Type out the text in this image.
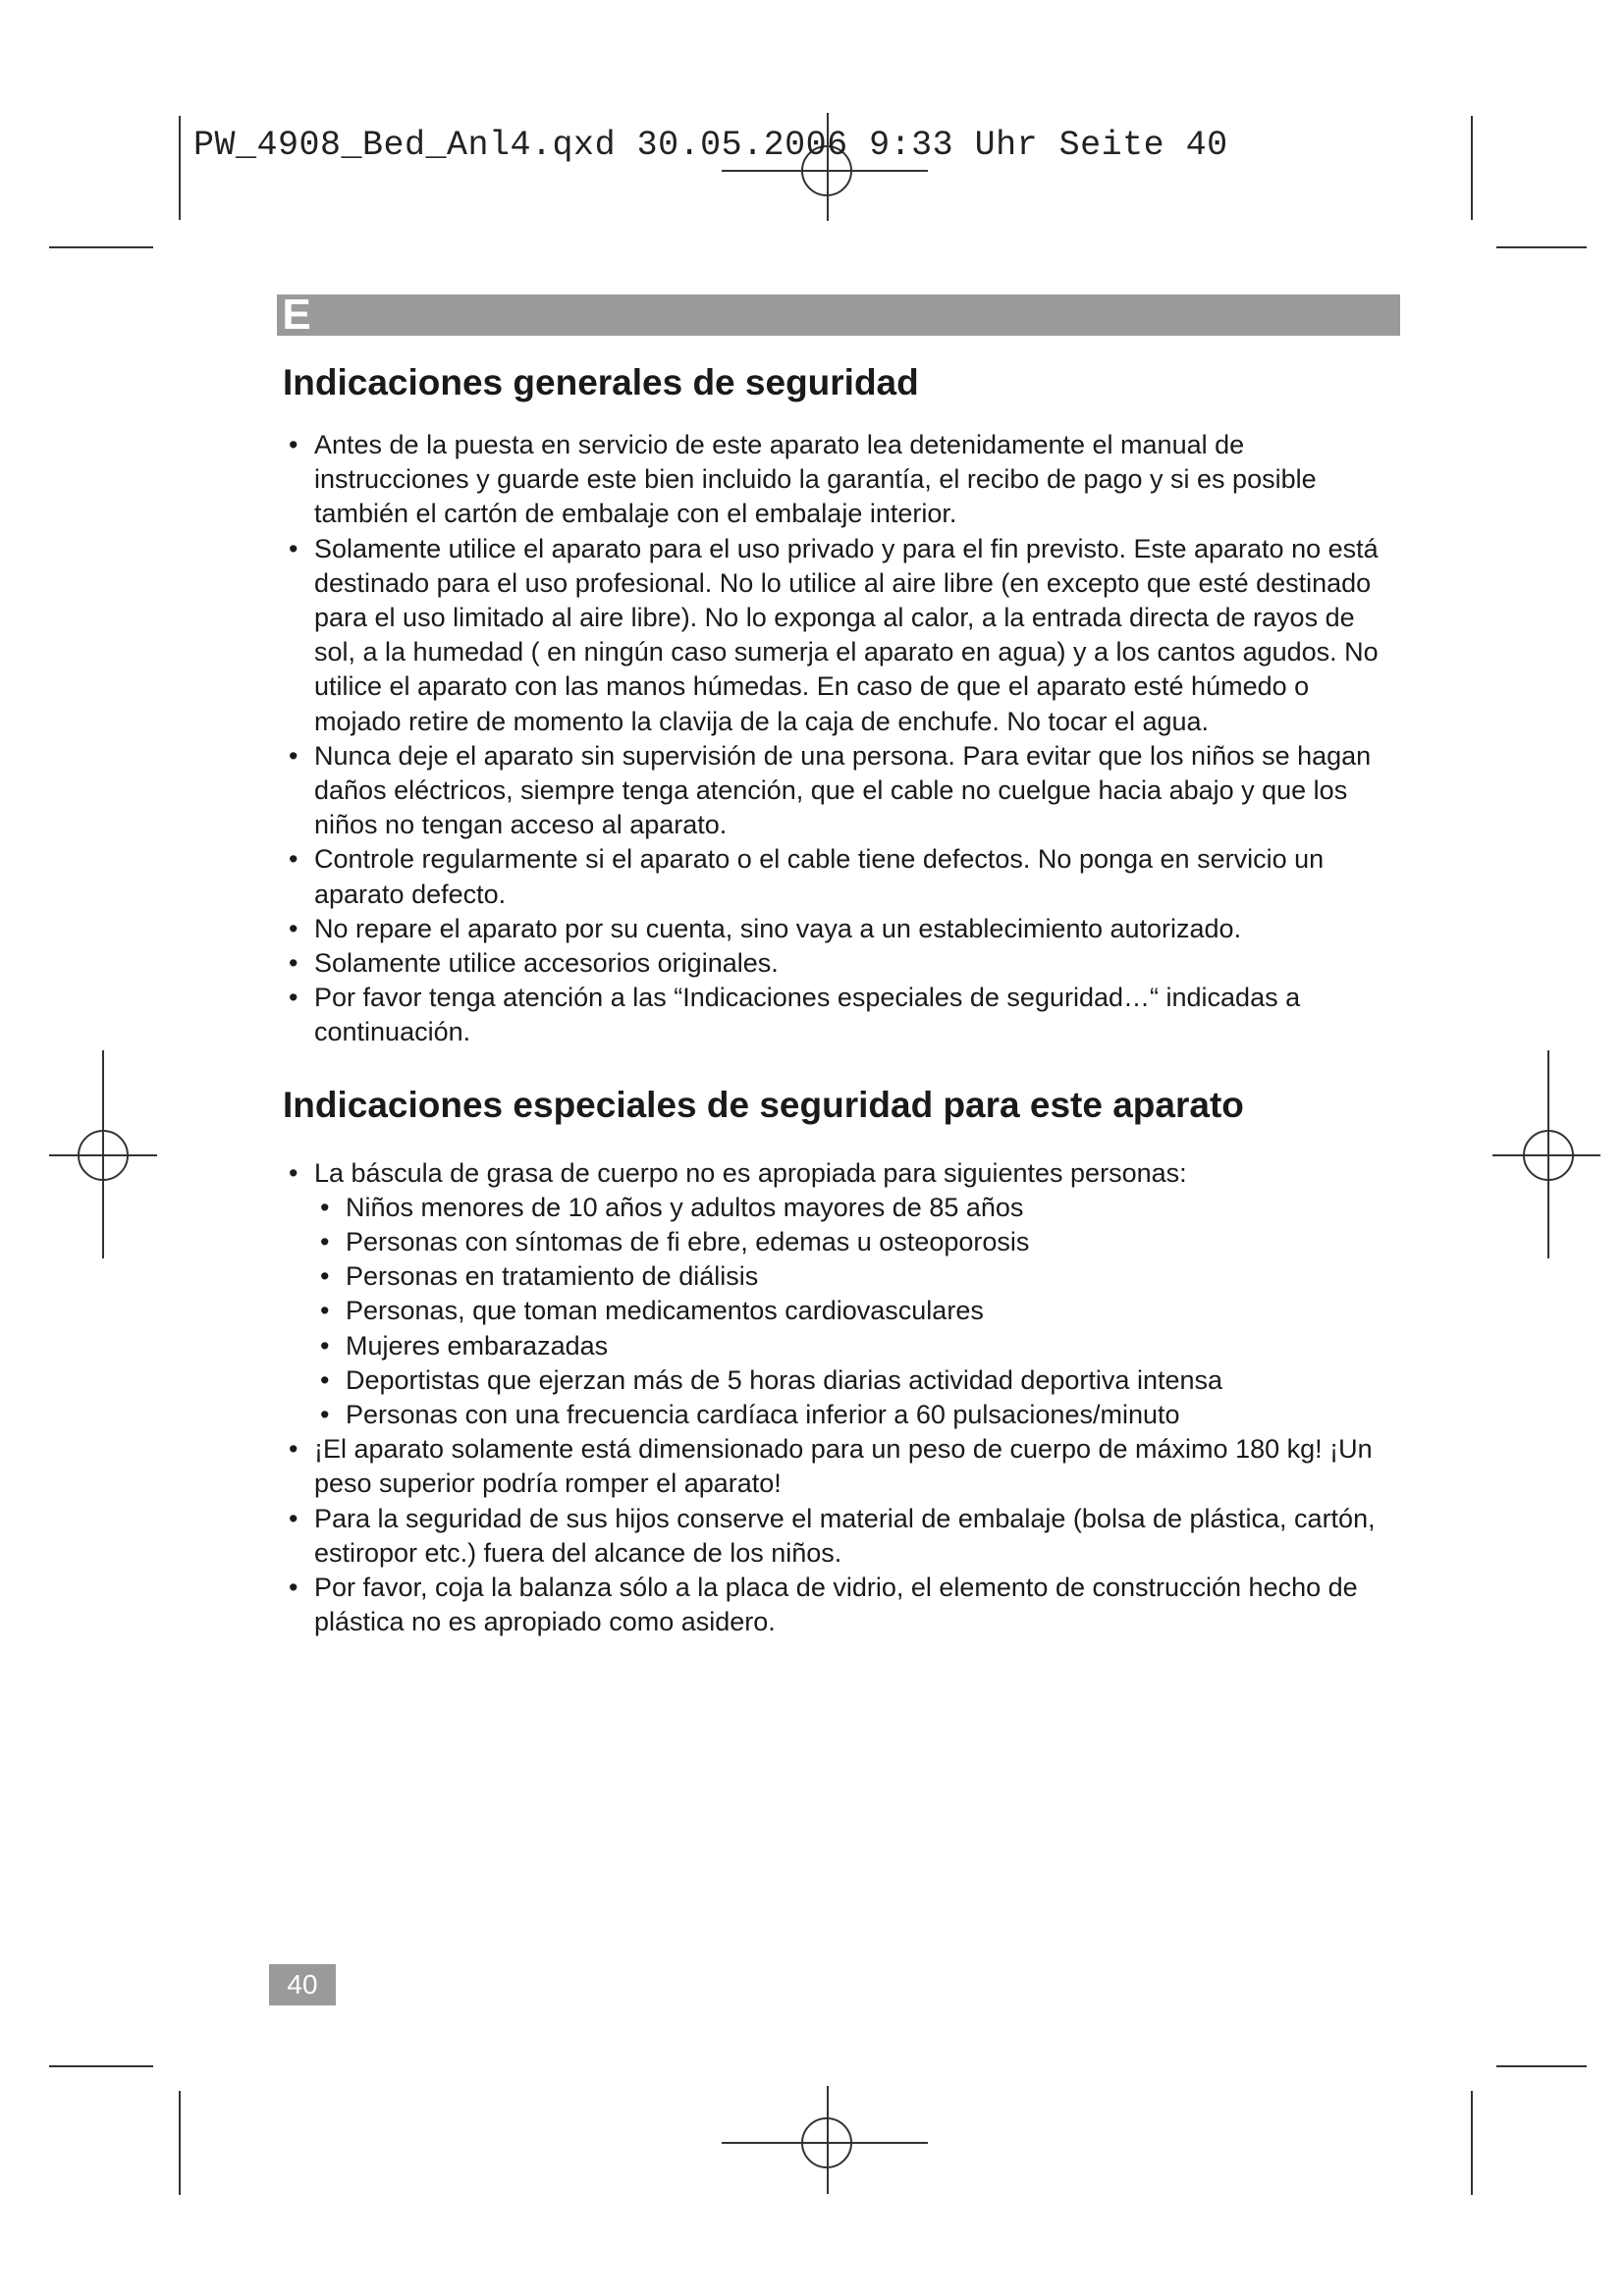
PW_4908_Bed_Anl4.qxd 30.05.2006 9:33 Uhr Seite 40
E
Indicaciones generales de seguridad
• Antes de la puesta en servicio de este aparato lea detenidamente el manual de instrucciones y guarde este bien incluido la garantía, el recibo de pago y si es posible también el cartón de embalaje con el embalaje interior.
• Solamente utilice el aparato para el uso privado y para el fin previsto. Este aparato no está destinado para el uso profesional. No lo utilice al aire libre (en excepto que esté destinado para el uso limitado al aire libre). No lo exponga al calor, a la entrada directa de rayos de sol, a la humedad ( en ningún caso sumerja el aparato en agua) y a los cantos agudos. No utilice el aparato con las manos húmedas. En caso de que el aparato esté húmedo o mojado retire de momento la clavija de la caja de enchufe. No tocar el agua.
• Nunca deje el aparato sin supervisión de una persona. Para evitar que los niños se hagan daños eléctricos, siempre tenga atención, que el cable no cuelgue hacia abajo y que los niños no tengan acceso al aparato.
• Controle regularmente si el aparato o el cable tiene defectos. No ponga en servicio un aparato defecto.
• No repare el aparato por su cuenta, sino vaya a un establecimiento autorizado.
• Solamente utilice accesorios originales.
• Por favor tenga atención a las “Indicaciones especiales de seguridad…“ indicadas a continuación.
Indicaciones especiales de seguridad para este aparato
• La báscula de grasa de cuerpo no es apropiada para siguientes personas:
• Niños menores de 10 años y adultos mayores de 85 años
• Personas con síntomas de fi ebre, edemas u osteoporosis
• Personas en tratamiento de diálisis
• Personas, que toman medicamentos cardiovasculares
• Mujeres embarazadas
• Deportistas que ejerzan más de 5 horas diarias actividad deportiva intensa
• Personas con una frecuencia cardíaca inferior a 60 pulsaciones/minuto
• ¡El aparato solamente está dimensionado para un peso de cuerpo de máximo 180 kg! ¡Un peso superior podría romper el aparato!
• Para la seguridad de sus hijos conserve el material de embalaje (bolsa de plástica, cartón, estiropor etc.) fuera del alcance de los niños.
• Por favor, coja la balanza sólo a la placa de vidrio, el elemento de construcción hecho de plástica no es apropiado como asidero.
40
